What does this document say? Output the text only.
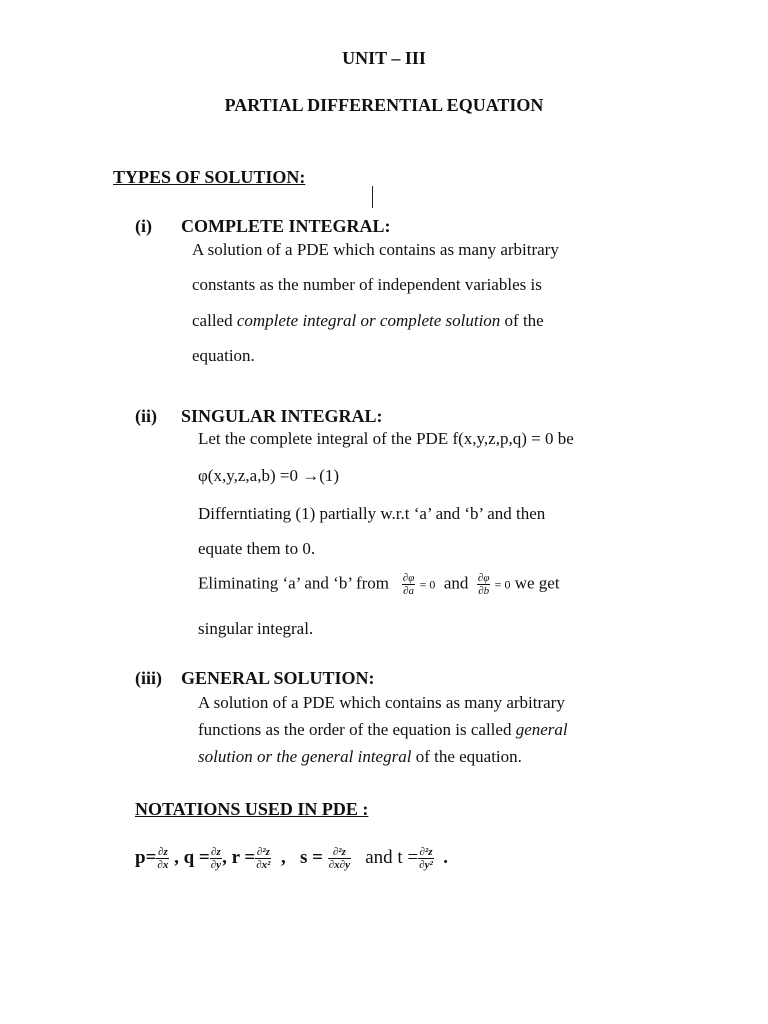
UNIT – III
PARTIAL DIFFERENTIAL EQUATION
TYPES OF SOLUTION:
(i) COMPLETE INTEGRAL:
A solution of a PDE which contains as many arbitrary
constants as the number of independent variables is
called complete integral or complete solution of the
equation.
(ii) SINGULAR INTEGRAL:
Let the complete integral of the PDE f(x,y,z,p,q) = 0 be
φ(x,y,z,a,b) =0 →(1)
Differntiating (1) partially w.r.t ‘a’ and ‘b’ and then
equate them to 0.
Eliminating ‘a’ and ‘b’ from $\frac{\partial\varphi}{\partial a} = 0$ and $\frac{\partial\varphi}{\partial b} = 0$ we get
singular integral.
(iii) GENERAL SOLUTION:
A solution of a PDE which contains as many arbitrary
functions as the order of the equation is called general
solution or the general integral of the equation.
NOTATIONS USED IN PDE :
$p= \frac{\partial z}{\partial x}$ , $q = \frac{\partial z}{\partial y}$ , $r = \frac{\text{∂²z}}{\text{∂x²}}$ , $s = \frac{\text{∂²z}}{\partial x\partial y}$ and $t = \frac{\text{∂²z}}{\text{∂y²}}$ .
